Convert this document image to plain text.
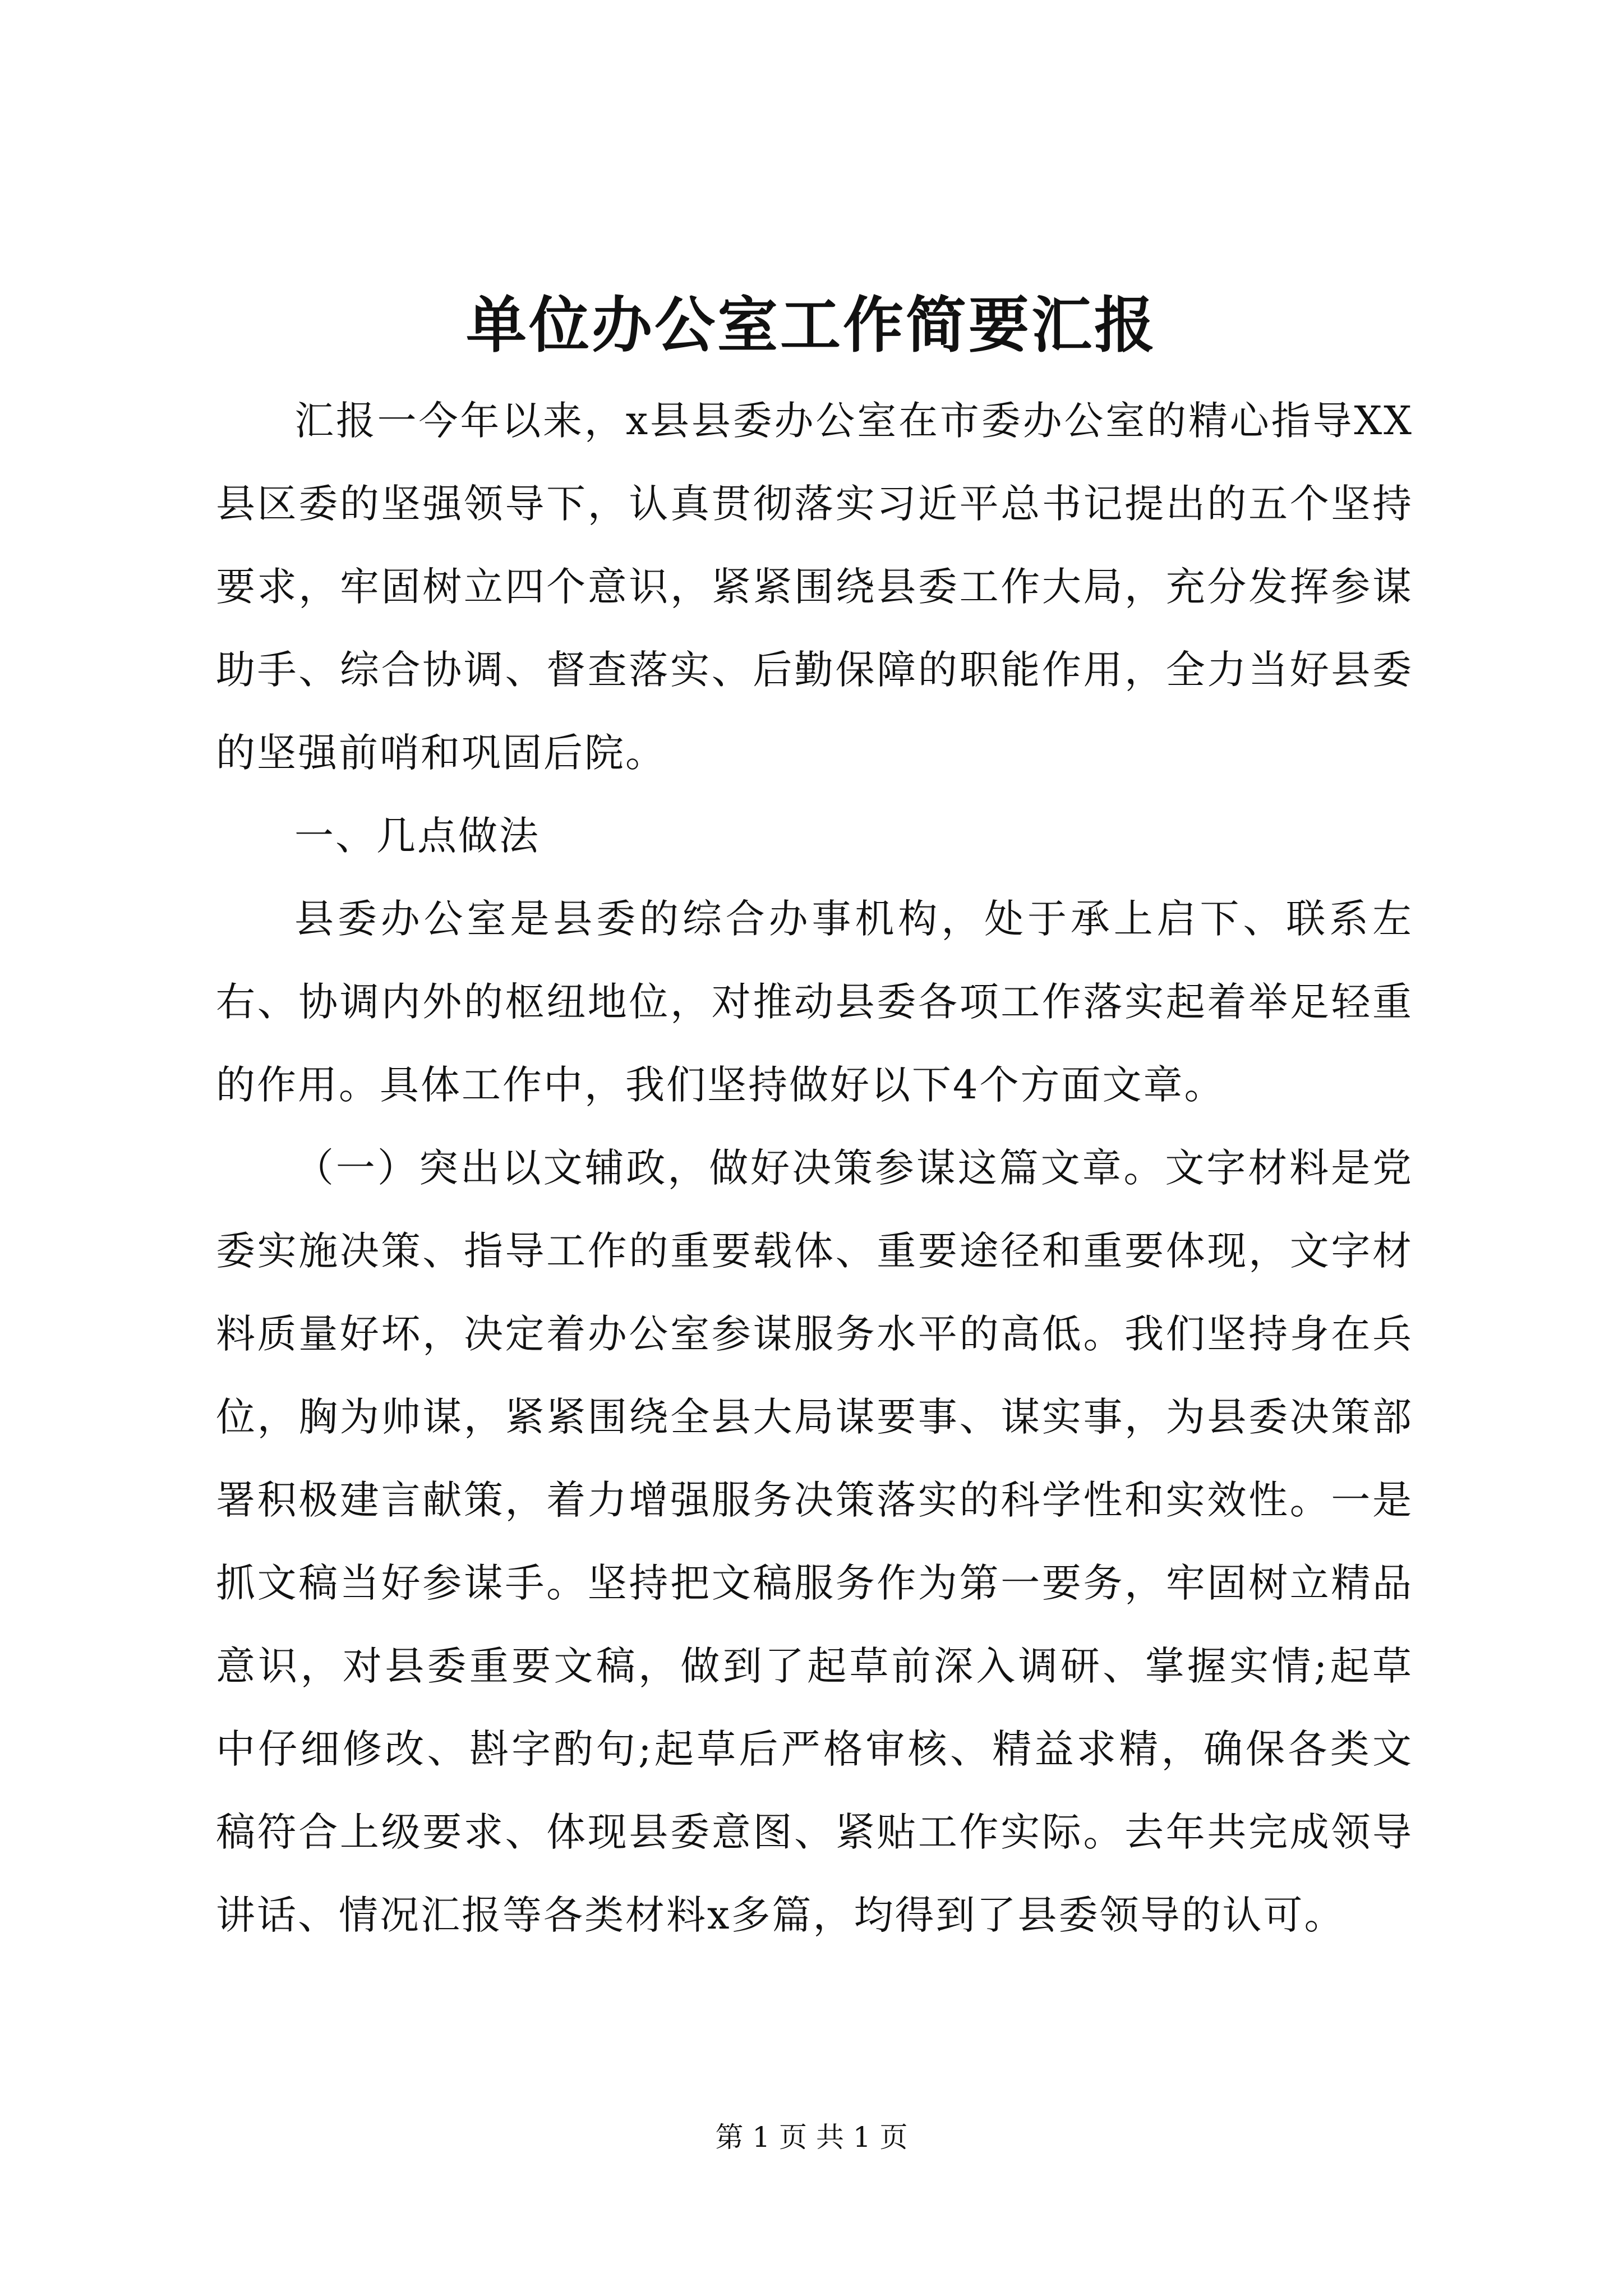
单位办公室工作简要汇报

汇报一今年以来，x县县委办公室在市委办公室的精心指导XX县区委的坚强领导下，认真贯彻落实习近平总书记提出的五个坚持要求，牢固树立四个意识，紧紧围绕县委工作大局，充分发挥参谋助手、综合协调、督查落实、后勤保障的职能作用，全力当好县委的坚强前哨和巩固后院。

一、几点做法

县委办公室是县委的综合办事机构，处于承上启下、联系左右、协调内外的枢纽地位，对推动县委各项工作落实起着举足轻重的作用。具体工作中，我们坚持做好以下4个方面文章。

（一）突出以文辅政，做好决策参谋这篇文章。文字材料是党委实施决策、指导工作的重要载体、重要途径和重要体现，文字材料质量好坏，决定着办公室参谋服务水平的高低。我们坚持身在兵位，胸为帅谋，紧紧围绕全县大局谋要事、谋实事，为县委决策部署积极建言献策，着力增强服务决策落实的科学性和实效性。一是抓文稿当好参谋手。坚持把文稿服务作为第一要务，牢固树立精品意识，对县委重要文稿，做到了起草前深入调研、掌握实情;起草中仔细修改、斟字酌句;起草后严格审核、精益求精，确保各类文稿符合上级要求、体现县委意图、紧贴工作实际。去年共完成领导讲话、情况汇报等各类材料x多篇，均得到了县委领导的认可。

第 1 页 共 1 页
